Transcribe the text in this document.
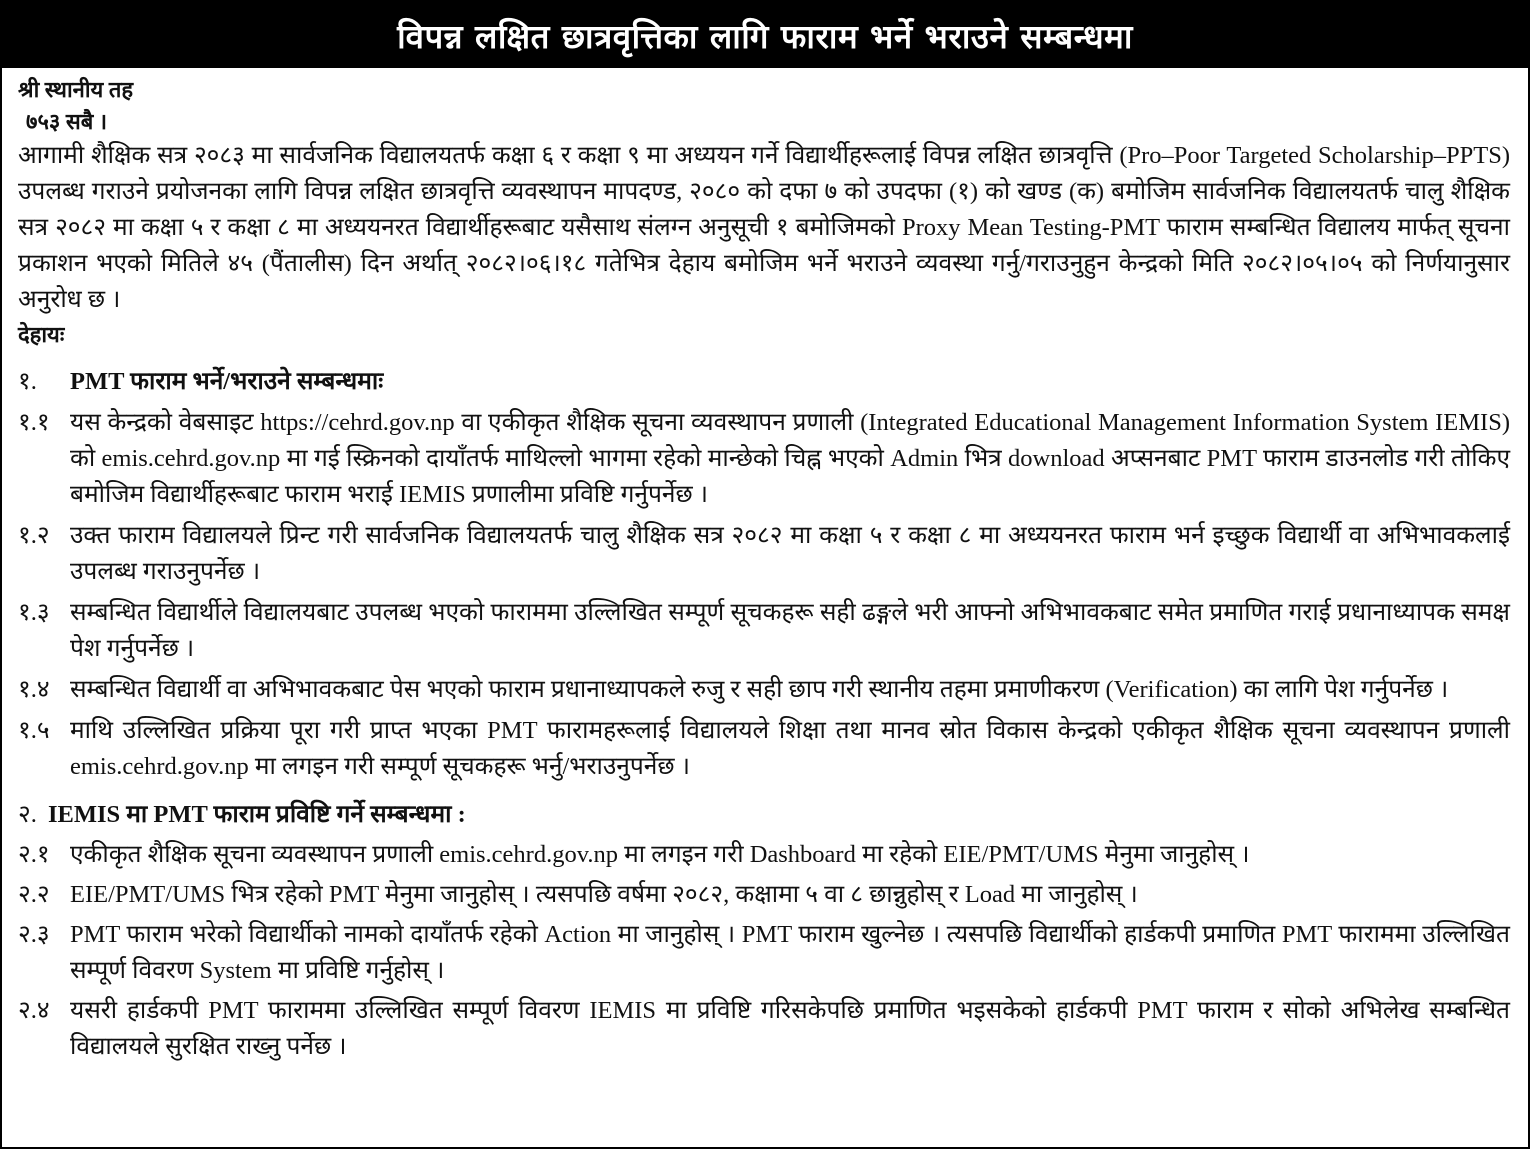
विपन्न लक्षित छात्रवृत्तिका लागि फाराम भर्ने भराउने सम्बन्धमा
श्री स्थानीय तह
७५३ सबै ।

आगामी शैक्षिक सत्र २०८३ मा सार्वजनिक विद्यालयतर्फ कक्षा ६ र कक्षा ९ मा अध्ययन गर्ने विद्यार्थीहरूलाई विपन्न लक्षित छात्रवृत्ति (Pro–Poor Targeted Scholarship–PPTS) उपलब्ध गराउने प्रयोजनका लागि विपन्न लक्षित छात्रवृत्ति व्यवस्थापन मापदण्ड, २०८० को दफा ७ को उपदफा (१) को खण्ड (क) बमोजिम सार्वजनिक विद्यालयतर्फ चालु शैक्षिक सत्र २०८२ मा कक्षा ५ र कक्षा ८ मा अध्ययनरत विद्यार्थीहरूबाट यसैसाथ संलग्न अनुसूची १ बमोजिमको Proxy Mean Testing-PMT फाराम सम्बन्धित विद्यालय मार्फत् सूचना प्रकाशन भएको मितिले ४५ (पैंतालीस) दिन अर्थात् २०८२।०६।१८ गतेभित्र देहाय बमोजिम भर्ने भराउने व्यवस्था गर्नु/गराउनुहुन केन्द्रको मिति २०८२।०५।०५ को निर्णयानुसार अनुरोध छ ।

देहायः
१.	PMT फाराम भर्ने/भराउने सम्बन्धमाः
१.१ यस केन्द्रको वेबसाइट https://cehrd.gov.np वा एकीकृत शैक्षिक सूचना व्यवस्थापन प्रणाली (Integrated Educational Management Information System IEMIS) को emis.cehrd.gov.np मा गई स्क्रिनको दायाँतर्फ माथिल्लो भागमा रहेको मान्छेको चिह्न भएको Admin भित्र download अप्सनबाट PMT फाराम डाउनलोड गरी तोकिए बमोजिम विद्यार्थीहरूबाट फाराम भराई IEMIS प्रणालीमा प्रविष्टि गर्नुपर्नेछ ।
१.२ उक्त फाराम विद्यालयले प्रिन्ट गरी सार्वजनिक विद्यालयतर्फ चालु शैक्षिक सत्र २०८२ मा कक्षा ५ र कक्षा ८ मा अध्ययनरत फाराम भर्न इच्छुक विद्यार्थी वा अभिभावकलाई उपलब्ध गराउनुपर्नेछ ।
१.३ सम्बन्धित विद्यार्थीले विद्यालयबाट उपलब्ध भएको फाराममा उल्लिखित सम्पूर्ण सूचकहरू सही ढङ्गले भरी आफ्नो अभिभावकबाट समेत प्रमाणित गराई प्रधानाध्यापक समक्ष पेश गर्नुपर्नेछ ।
१.४ सम्बन्धित विद्यार्थी वा अभिभावकबाट पेस भएको फाराम प्रधानाध्यापकले रुजु र सही छाप गरी स्थानीय तहमा प्रमाणीकरण (Verification) का लागि पेश गर्नुपर्नेछ ।
१.५ माथि उल्लिखित प्रक्रिया पूरा गरी प्राप्त भएका PMT फारामहरूलाई विद्यालयले शिक्षा तथा मानव स्रोत विकास केन्द्रको एकीकृत शैक्षिक सूचना व्यवस्थापन प्रणाली emis.cehrd.gov.np मा लगइन गरी सम्पूर्ण सूचकहरू भर्नु/भराउनुपर्नेछ ।
२. IEMIS मा PMT फाराम प्रविष्टि गर्ने सम्बन्धमा :
२.१ एकीकृत शैक्षिक सूचना व्यवस्थापन प्रणाली emis.cehrd.gov.np मा लगइन गरी Dashboard मा रहेको EIE/PMT/UMS मेनुमा जानुहोस् ।
२.२ EIE/PMT/UMS भित्र रहेको PMT मेनुमा जानुहोस् । त्यसपछि वर्षमा २०८२, कक्षामा ५ वा ८ छान्नुहोस् र Load मा जानुहोस् ।
२.३ PMT फाराम भरेको विद्यार्थीको नामको दायाँतर्फ रहेको Action मा जानुहोस् । PMT फाराम खुल्नेछ । त्यसपछि विद्यार्थीको हार्डकपी प्रमाणित PMT फाराममा उल्लिखित सम्पूर्ण विवरण System मा प्रविष्टि गर्नुहोस् ।
२.४ यसरी हार्डकपी PMT फाराममा उल्लिखित सम्पूर्ण विवरण IEMIS मा प्रविष्टि गरिसकेपछि प्रमाणित भइसकेको हार्डकपी PMT फाराम र सोको अभिलेख सम्बन्धित विद्यालयले सुरक्षित राख्नु पर्नेछ ।
